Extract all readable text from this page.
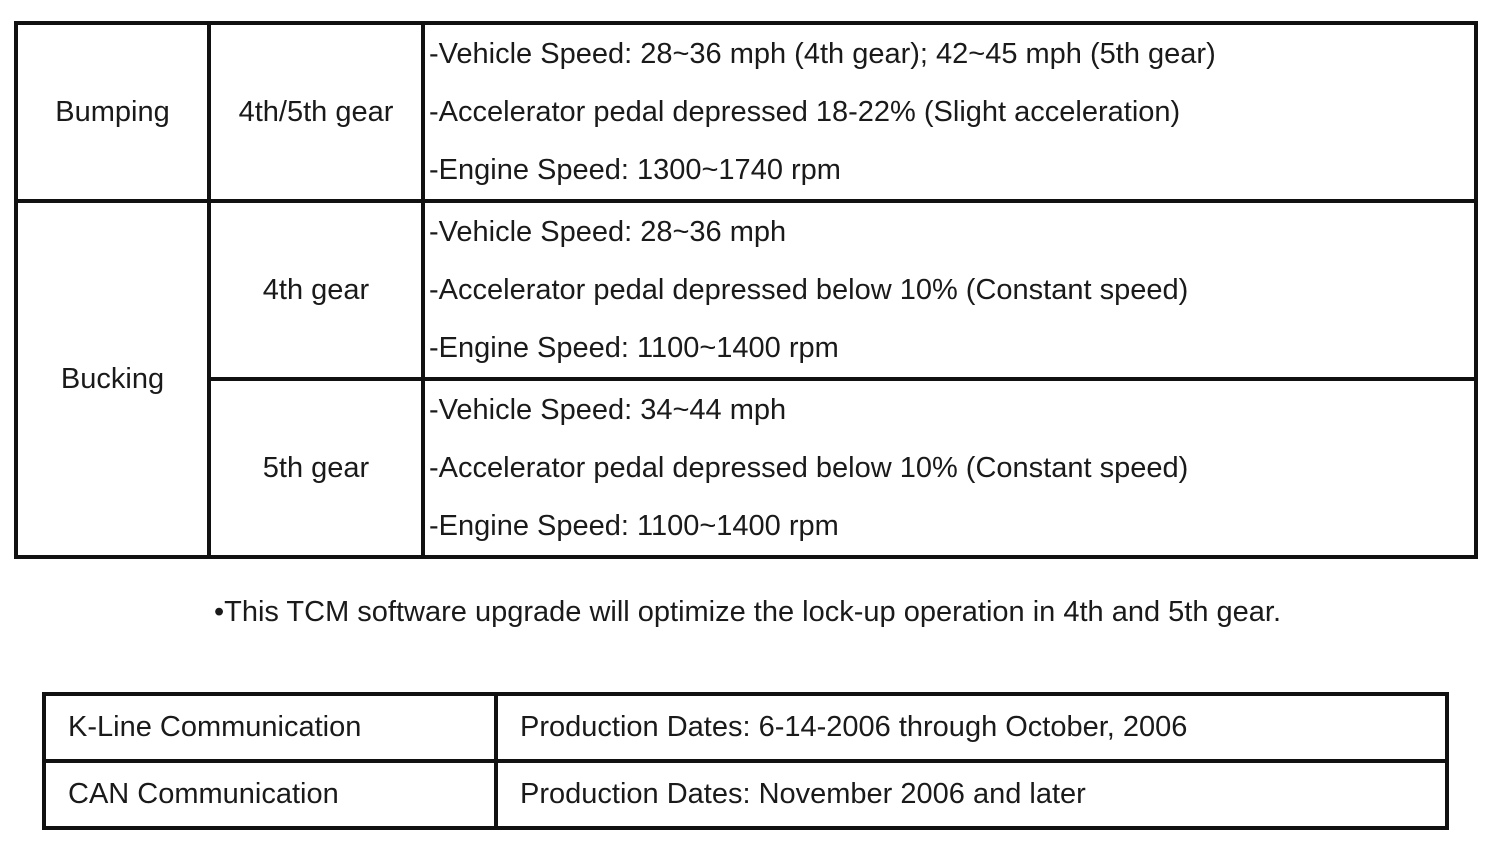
Bumping	4th/5th gear	-Vehicle Speed: 28~36 mph (4th gear); 42~45 mph (5th gear)
-Accelerator pedal depressed 18-22% (Slight acceleration)
-Engine Speed: 1300~1740 rpm

Bucking	4th gear	-Vehicle Speed: 28~36 mph
-Accelerator pedal depressed below 10% (Constant speed)
-Engine Speed: 1100~1400 rpm

	5th gear	-Vehicle Speed: 34~44 mph
-Accelerator pedal depressed below 10% (Constant speed)
-Engine Speed: 1100~1400 rpm
•This TCM software upgrade will optimize the lock-up operation in 4th and 5th gear.
K-Line Communication	Production Dates: 6-14-2006 through October, 2006
CAN Communication	Production Dates: November 2006 and later
